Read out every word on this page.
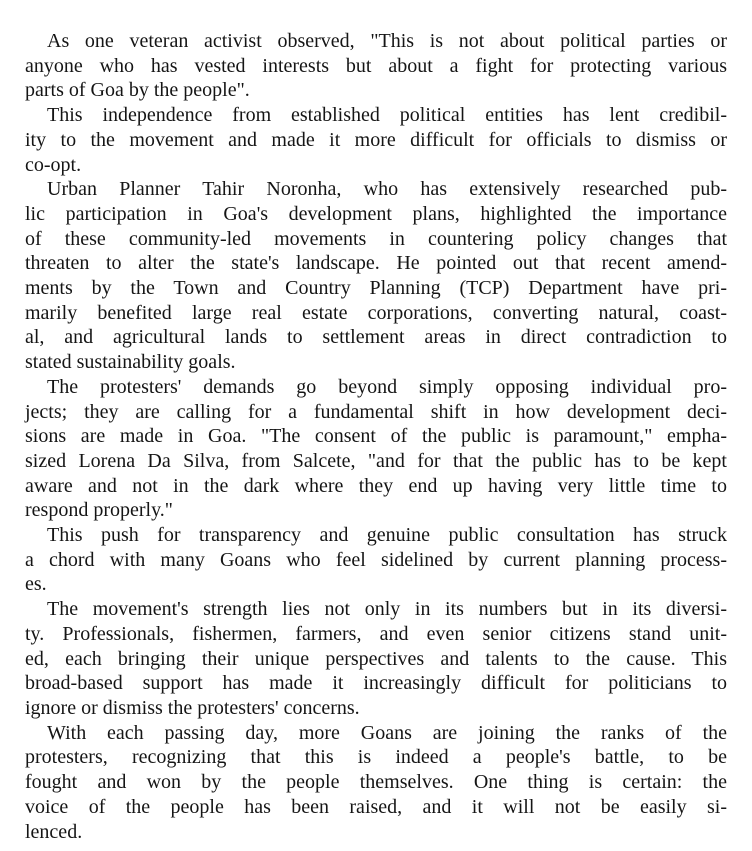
As one veteran activist observed, "This is not about political parties or
anyone who has vested interests but about a fight for protecting various
parts of Goa by the people".
This independence from established political entities has lent credibil-
ity to the movement and made it more difficult for officials to dismiss or
co-opt.
Urban Planner Tahir Noronha, who has extensively researched pub-
lic participation in Goa's development plans, highlighted the importance
of these community-led movements in countering policy changes that
threaten to alter the state's landscape. He pointed out that recent amend-
ments by the Town and Country Planning (TCP) Department have pri-
marily benefited large real estate corporations, converting natural, coast-
al, and agricultural lands to settlement areas in direct contradiction to
stated sustainability goals.
The protesters' demands go beyond simply opposing individual pro-
jects; they are calling for a fundamental shift in how development deci-
sions are made in Goa. "The consent of the public is paramount," empha-
sized Lorena Da Silva, from Salcete, "and for that the public has to be kept
aware and not in the dark where they end up having very little time to
respond properly."
This push for transparency and genuine public consultation has struck
a chord with many Goans who feel sidelined by current planning process-
es.
The movement's strength lies not only in its numbers but in its diversi-
ty. Professionals, fishermen, farmers, and even senior citizens stand unit-
ed, each bringing their unique perspectives and talents to the cause. This
broad-based support has made it increasingly difficult for politicians to
ignore or dismiss the protesters' concerns.
With each passing day, more Goans are joining the ranks of the
protesters, recognizing that this is indeed a people's battle, to be
fought and won by the people themselves. One thing is certain: the
voice of the people has been raised, and it will not be easily si-
lenced.
